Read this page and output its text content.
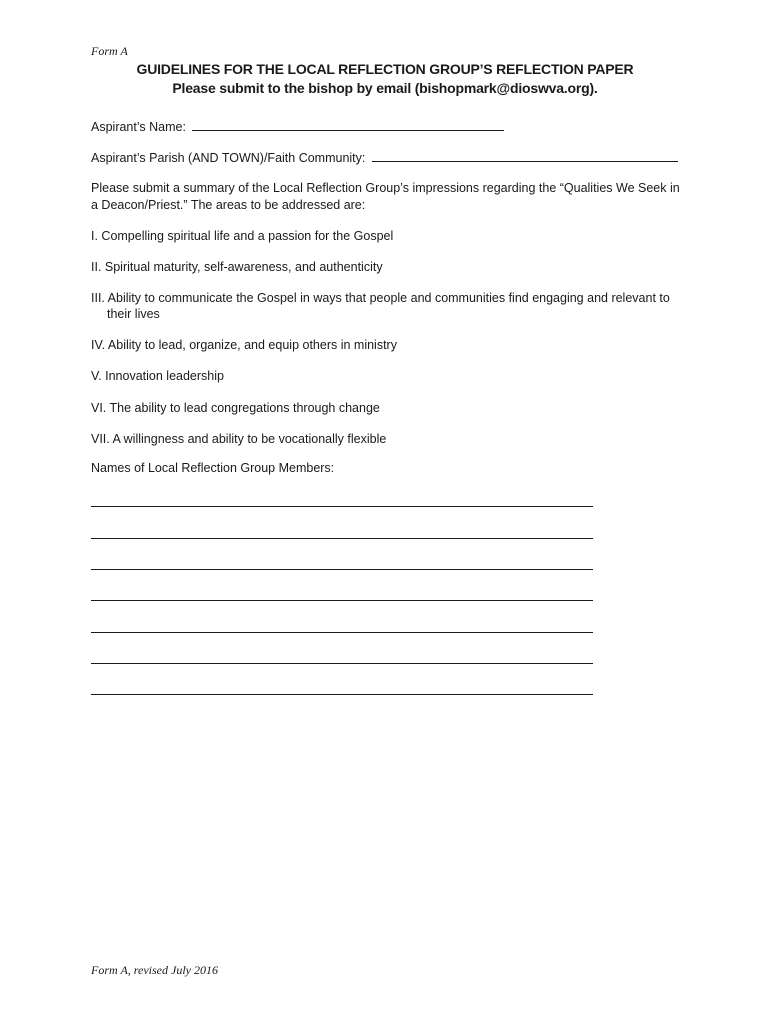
Form A
GUIDELINES FOR THE LOCAL REFLECTION GROUP’S REFLECTION PAPER
Please submit to the bishop by email (bishopmark@dioswva.org).
Aspirant’s Name:
Aspirant’s Parish (AND TOWN)/Faith Community:
Please submit a summary of the Local Reflection Group’s impressions regarding the “Qualities We Seek in a Deacon/Priest.” The areas to be addressed are:
I. Compelling spiritual life and a passion for the Gospel
II. Spiritual maturity, self-awareness, and authenticity
III. Ability to communicate the Gospel in ways that people and communities find engaging and relevant to
their lives
IV. Ability to lead, organize, and equip others in ministry
V. Innovation leadership
VI. The ability to lead congregations through change
VII. A willingness and ability to be vocationally flexible
Names of Local Reflection Group Members:
Form A, revised July 2016
